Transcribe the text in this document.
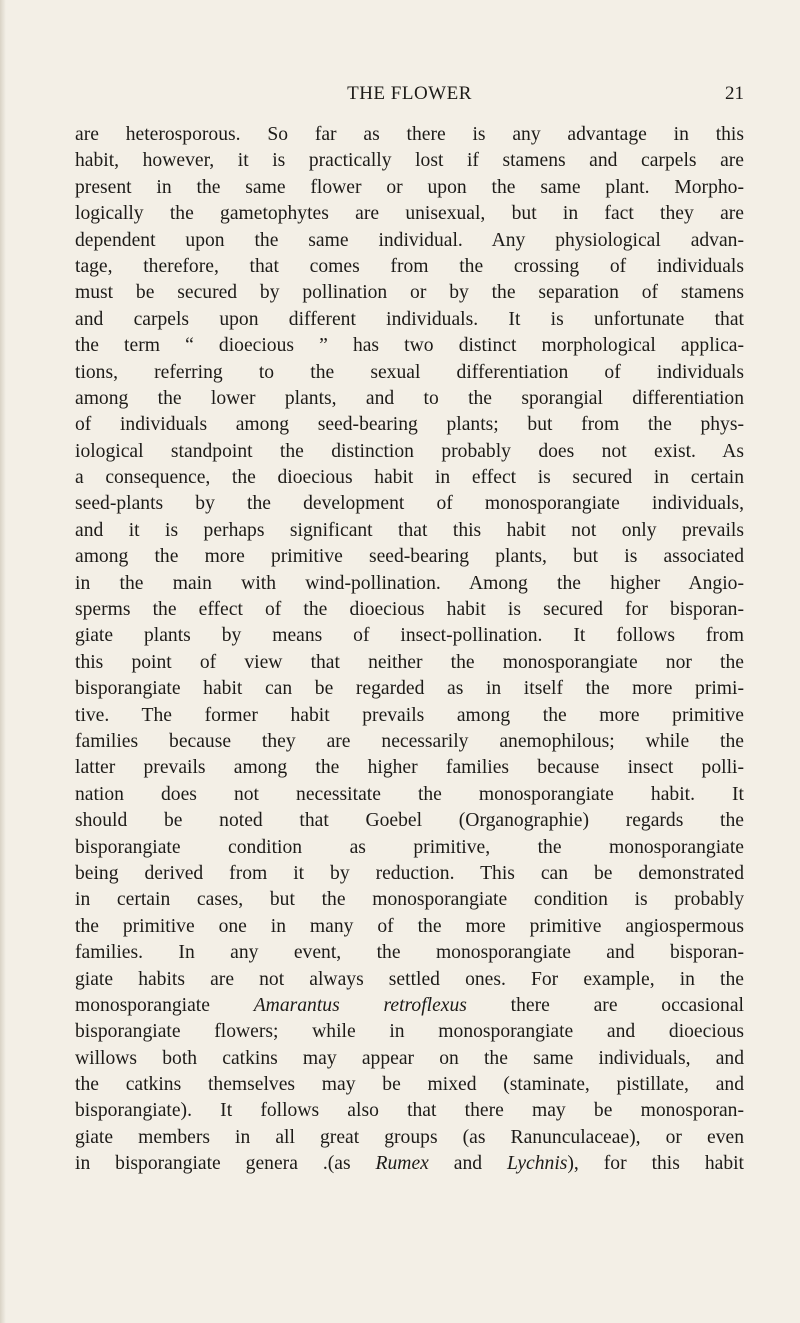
THE FLOWER	21
are heterosporous. So far as there is any advantage in this
habit, however, it is practically lost if stamens and carpels are
present in the same flower or upon the same plant. Morpho-
logically the gametophytes are unisexual, but in fact they are
dependent upon the same individual. Any physiological advan-
tage, therefore, that comes from the crossing of individuals
must be secured by pollination or by the separation of stamens
and carpels upon different individuals. It is unfortunate that
the term “ dioecious ” has two distinct morphological applica-
tions, referring to the sexual differentiation of individuals
among the lower plants, and to the sporangial differentiation
of individuals among seed-bearing plants; but from the phys-
iological standpoint the distinction probably does not exist. As
a consequence, the dioecious habit in effect is secured in certain
seed-plants by the development of monosporangiate individuals,
and it is perhaps significant that this habit not only prevails
among the more primitive seed-bearing plants, but is associated
in the main with wind-pollination. Among the higher Angio-
sperms the effect of the dioecious habit is secured for bisporan-
giate plants by means of insect-pollination. It follows from
this point of view that neither the monosporangiate nor the
bisporangiate habit can be regarded as in itself the more primi-
tive. The former habit prevails among the more primitive
families because they are necessarily anemophilous; while the
latter prevails among the higher families because insect polli-
nation does not necessitate the monosporangiate habit. It
should be noted that Goebel (Organographie) regards the
bisporangiate condition as primitive, the monosporangiate
being derived from it by reduction. This can be demonstrated
in certain cases, but the monosporangiate condition is probably
the primitive one in many of the more primitive angiospermous
families. In any event, the monosporangiate and bisporan-
giate habits are not always settled ones. For example, in the
monosporangiate Amarantus retroflexus there are occasional
bisporangiate flowers; while in monosporangiate and dioecious
willows both catkins may appear on the same individuals, and
the catkins themselves may be mixed (staminate, pistillate, and
bisporangiate). It follows also that there may be monosporan-
giate members in all great groups (as Ranunculaceae), or even
in bisporangiate genera .(as Rumex and Lychnis), for this habit
